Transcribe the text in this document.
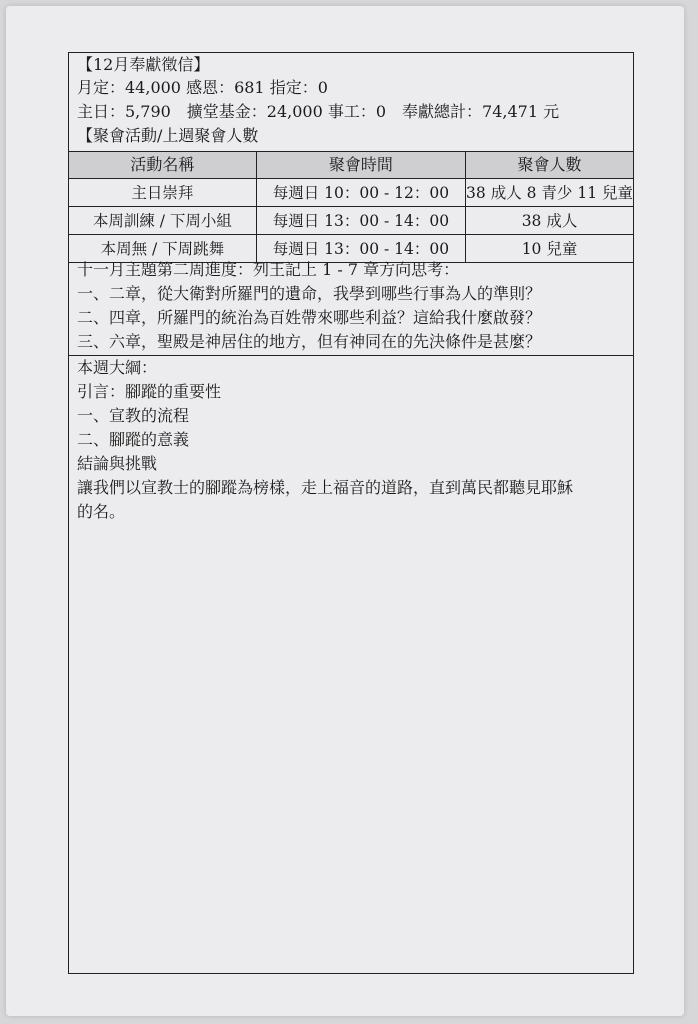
【12月奉獻徵信】
月定：44,000 感恩：681 指定：0
主日：5,790　擴堂基金：24,000 事工：0　奉獻總計：74,471 元
【聚會活動/上週聚會人數
活動名稱	聚會時間	聚會人數
主日崇拜	每週日 10：00 - 12：00	38 成人 8 青少 11 兒童
本周訓練 / 下周小組	每週日 13：00 - 14：00	38 成人
本周無 / 下周跳舞	每週日 13：00 - 14：00	10 兒童
十一月主題第二周進度：列王記上 1 - 7 章方向思考：
一、二章，從大衛對所羅門的遺命，我學到哪些行事為人的準則？
二、四章，所羅門的統治為百姓帶來哪些利益？這給我什麼啟發？
三、六章，聖殿是神居住的地方，但有神同在的先決條件是甚麼？
本週大綱：
引言：腳蹤的重要性
一、宣教的流程
二、腳蹤的意義
結論與挑戰
讓我們以宣教士的腳蹤為榜樣，走上福音的道路，直到萬民都聽見耶穌
的名。
